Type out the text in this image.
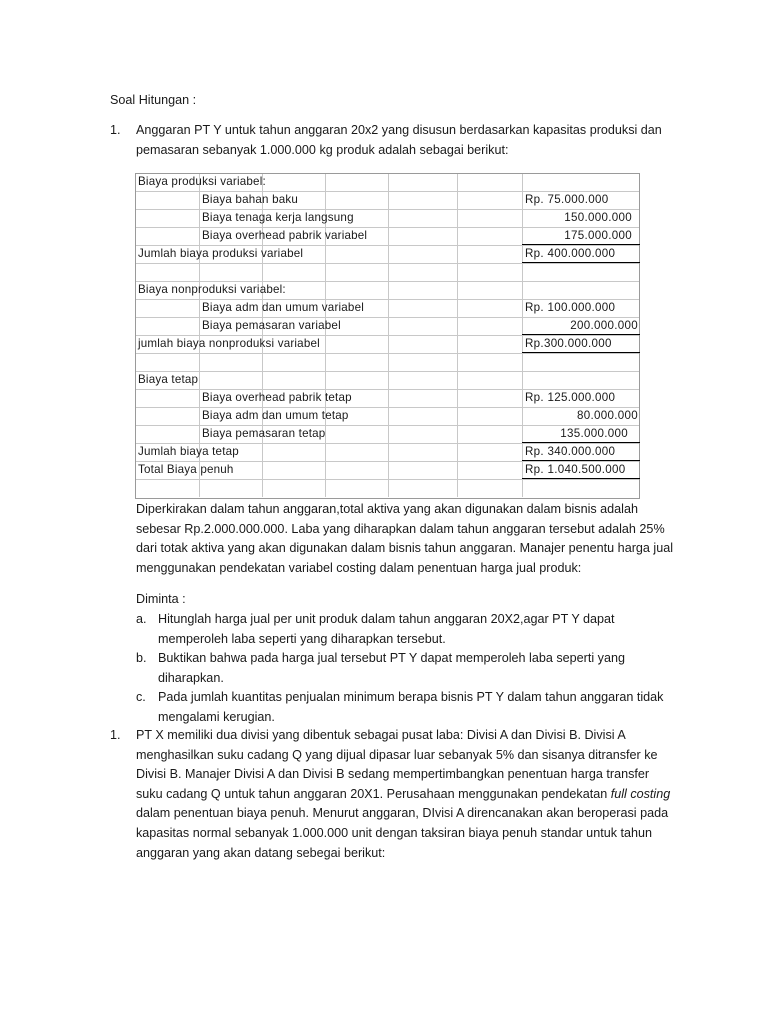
Soal Hitungan :
1.	Anggaran PT Y untuk tahun anggaran 20x2 yang disusun berdasarkan kapasitas produksi dan
pemasaran sebanyak 1.000.000 kg produk adalah sebagai berikut:
Biaya produksi variabel:
Biaya bahan baku
Biaya tenaga kerja langsung
Biaya overhead pabrik variabel
Jumlah biaya produksi variabel
Biaya nonproduksi variabel:
Biaya adm dan umum variabel
Biaya pemasaran variabel
jumlah biaya nonproduksi variabel
Biaya tetap
Biaya overhead pabrik tetap
Biaya adm dan umum tetap
Biaya pemasaran tetap
Jumlah biaya tetap
Total Biaya penuh
Rp. 75.000.000
150.000.000
175.000.000
Rp. 400.000.000
Rp. 100.000.000
200.000.000
Rp.300.000.000
Rp. 125.000.000
80.000.000
135.000.000
Rp. 340.000.000
Rp. 1.040.500.000
Diperkirakan dalam tahun anggaran,total aktiva yang akan digunakan dalam bisnis adalah
sebesar Rp.2.000.000.000. Laba yang diharapkan dalam tahun anggaran tersebut adalah 25%
dari totak aktiva yang akan digunakan dalam bisnis tahun anggaran. Manajer penentu harga jual
menggunakan pendekatan variabel costing dalam penentuan harga jual produk:
Diminta :
a. Hitunglah harga jual per unit produk dalam tahun anggaran 20X2,agar PT Y dapat
memperoleh laba seperti yang diharapkan tersebut.
b. Buktikan bahwa pada harga jual tersebut PT Y dapat memperoleh laba seperti yang
diharapkan.
c. Pada jumlah kuantitas penjualan minimum berapa bisnis PT Y dalam tahun anggaran tidak
mengalami kerugian.
1.	PT X memiliki dua divisi yang dibentuk sebagai pusat laba: Divisi A dan Divisi B. Divisi A
menghasilkan suku cadang Q yang dijual dipasar luar sebanyak 5% dan sisanya ditransfer ke
Divisi B. Manajer Divisi A dan Divisi B sedang mempertimbangkan penentuan harga transfer
suku cadang Q untuk tahun anggaran 20X1. Perusahaan menggunakan pendekatan full costing
dalam penentuan biaya penuh. Menurut anggaran, DIvisi A direncanakan akan beroperasi pada
kapasitas normal sebanyak 1.000.000 unit dengan taksiran biaya penuh standar untuk tahun
anggaran yang akan datang sebegai berikut:
